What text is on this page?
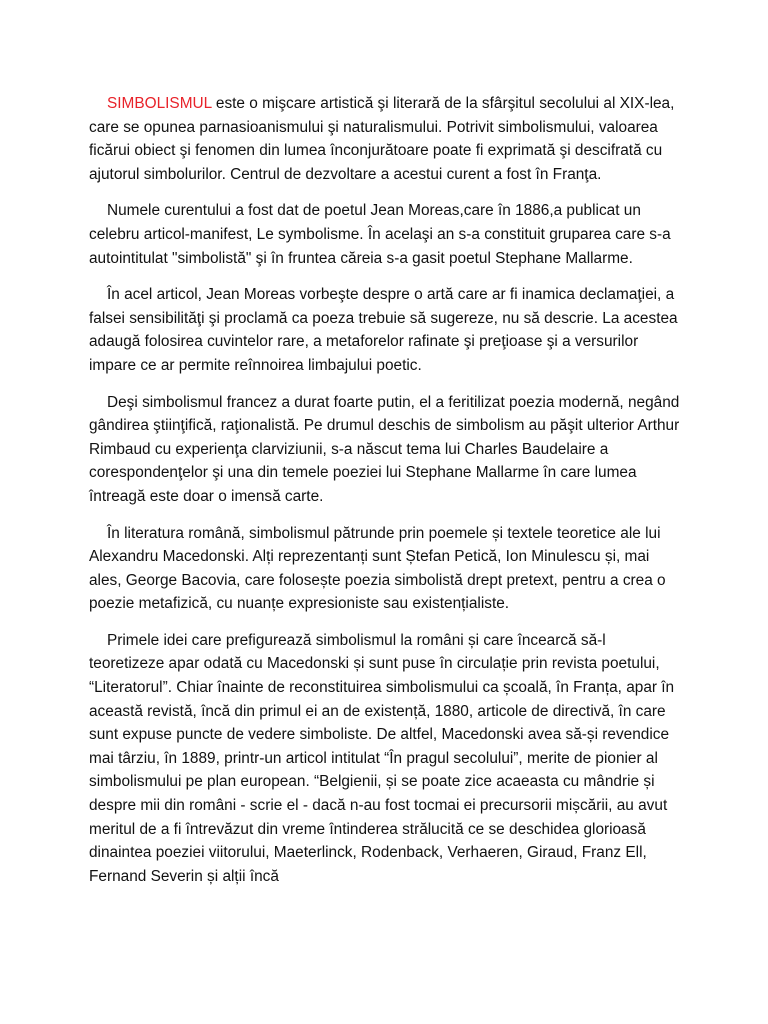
SIMBOLISMUL este o mişcare artistică şi literară de la sfârşitul secolului al XIX-lea, care se opunea parnasioanismului şi naturalismului. Potrivit simbolismului, valoarea ficărui obiect şi fenomen din lumea înconjurătoare poate fi exprimată şi descifrată cu ajutorul simbolurilor. Centrul de dezvoltare a acestui curent a fost în Franţa.

Numele curentului a fost dat de poetul Jean Moreas,care în 1886,a publicat un celebru articol-manifest, Le symbolisme. În acelaşi an s-a constituit gruparea care s-a autointitulat "simbolistă" şi în fruntea căreia s-a gasit poetul Stephane Mallarme.

În acel articol, Jean Moreas vorbeşte despre o artă care ar fi inamica declamaţiei, a falsei sensibilităţi şi proclamă ca poeza trebuie să sugereze, nu să descrie. La acestea adaugă folosirea cuvintelor rare, a metaforelor rafinate şi preţioase şi a versurilor impare ce ar permite reînnoirea limbajului poetic.

Deşi simbolismul francez a durat foarte putin, el a feritilizat poezia modernă, negând gândirea ştiinţifică, raţionalistă. Pe drumul deschis de simbolism au păşit ulterior Arthur Rimbaud cu experienţa clarviziunii, s-a născut tema lui Charles Baudelaire a corespondenţelor şi una din temele poeziei lui Stephane Mallarme în care lumea întreagă este doar o imensă carte.

În literatura română, simbolismul pătrunde prin poemele și textele teoretice ale lui Alexandru Macedonski. Alți reprezentanți sunt Ștefan Petică, Ion Minulescu și, mai ales, George Bacovia, care folosește poezia simbolistă drept pretext, pentru a crea o poezie metafizică, cu nuanțe expresioniste sau existențialiste.

Primele idei care prefigurează simbolismul la români și care încearcă să-l teoretizeze apar odată cu Macedonski și sunt puse în circulație prin revista poetului, “Literatorul”. Chiar înainte de reconstituirea simbolismului ca școală, în Franța, apar în această revistă, încă din primul ei an de existență, 1880, articole de directivă, în care sunt expuse puncte de vedere simboliste. De altfel, Macedonski avea să-și revendice mai târziu, în 1889, printr-un articol intitulat “În pragul secolului”, merite de pionier al simbolismului pe plan european. “Belgienii, și se poate zice acaeasta cu mândrie și despre mii din români - scrie el - dacă n-au fost tocmai ei precursorii mișcării, au avut meritul de a fi întrevăzut din vreme întinderea strălucită ce se deschidea glorioasă dinaintea poeziei viitorului, Maeterlinck, Rodenback, Verhaeren, Giraud, Franz Ell, Fernand Severin și alții încă
